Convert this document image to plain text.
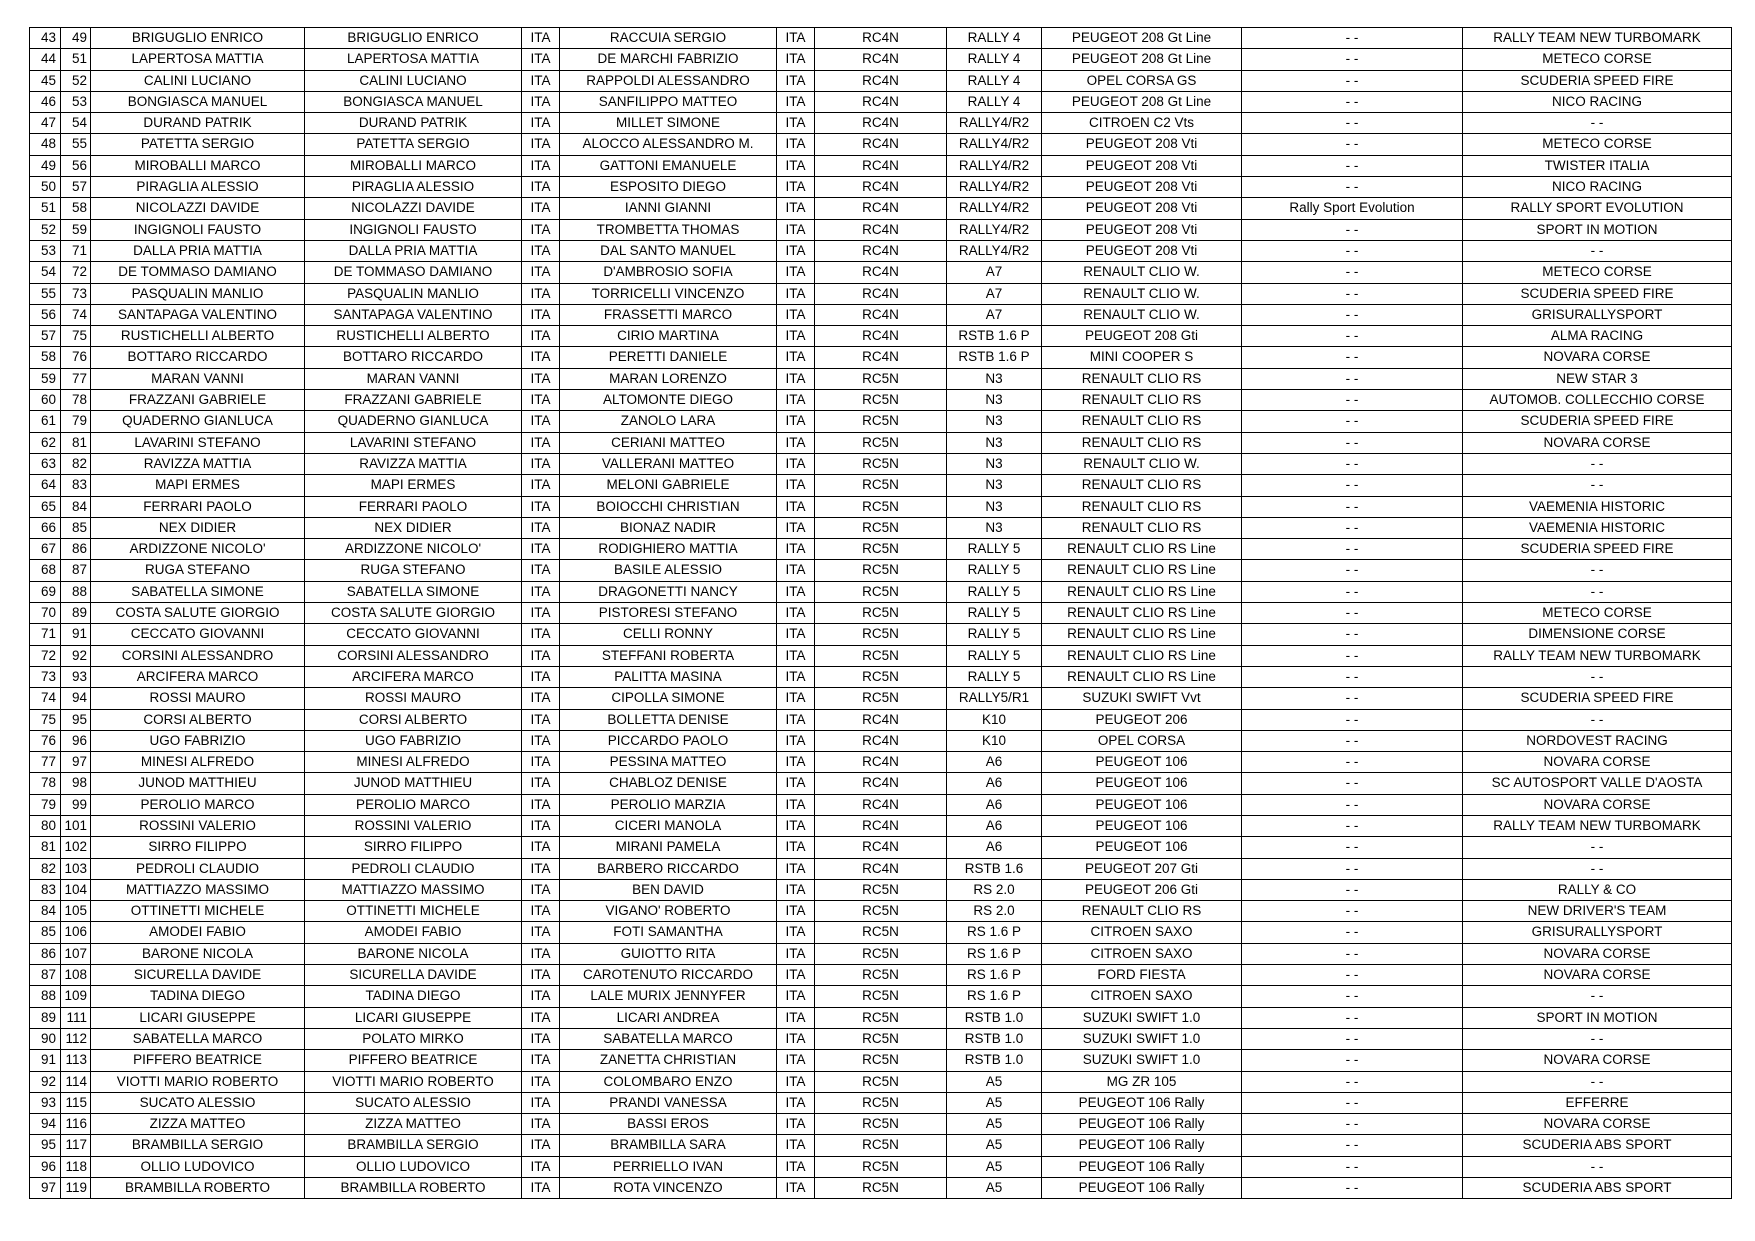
43	49	BRIGUGLIO ENRICO	BRIGUGLIO ENRICO	ITA	RACCUIA SERGIO	ITA	RC4N	RALLY 4	PEUGEOT 208 Gt Line	- -	RALLY TEAM NEW TURBOMARK
44	51	LAPERTOSA MATTIA	LAPERTOSA MATTIA	ITA	DE MARCHI FABRIZIO	ITA	RC4N	RALLY 4	PEUGEOT 208 Gt Line	- -	METECO CORSE
45	52	CALINI LUCIANO	CALINI LUCIANO	ITA	RAPPOLDI ALESSANDRO	ITA	RC4N	RALLY 4	OPEL CORSA GS	- -	SCUDERIA SPEED FIRE
46	53	BONGIASCA MANUEL	BONGIASCA MANUEL	ITA	SANFILIPPO MATTEO	ITA	RC4N	RALLY 4	PEUGEOT 208 Gt Line	- -	NICO RACING
47	54	DURAND PATRIK	DURAND PATRIK	ITA	MILLET SIMONE	ITA	RC4N	RALLY4/R2	CITROEN C2 Vts	- -	- -
48	55	PATETTA SERGIO	PATETTA SERGIO	ITA	ALOCCO ALESSANDRO M.	ITA	RC4N	RALLY4/R2	PEUGEOT 208 Vti	- -	METECO CORSE
49	56	MIROBALLI MARCO	MIROBALLI MARCO	ITA	GATTONI EMANUELE	ITA	RC4N	RALLY4/R2	PEUGEOT 208 Vti	- -	TWISTER ITALIA
50	57	PIRAGLIA ALESSIO	PIRAGLIA ALESSIO	ITA	ESPOSITO DIEGO	ITA	RC4N	RALLY4/R2	PEUGEOT 208 Vti	- -	NICO RACING
51	58	NICOLAZZI DAVIDE	NICOLAZZI DAVIDE	ITA	IANNI GIANNI	ITA	RC4N	RALLY4/R2	PEUGEOT 208 Vti	Rally Sport Evolution	RALLY SPORT EVOLUTION
52	59	INGIGNOLI FAUSTO	INGIGNOLI FAUSTO	ITA	TROMBETTA THOMAS	ITA	RC4N	RALLY4/R2	PEUGEOT 208 Vti	- -	SPORT IN MOTION
53	71	DALLA PRIA MATTIA	DALLA PRIA MATTIA	ITA	DAL SANTO MANUEL	ITA	RC4N	RALLY4/R2	PEUGEOT 208 Vti	- -	- -
54	72	DE TOMMASO DAMIANO	DE TOMMASO DAMIANO	ITA	D'AMBROSIO SOFIA	ITA	RC4N	A7	RENAULT CLIO W.	- -	METECO CORSE
55	73	PASQUALIN MANLIO	PASQUALIN MANLIO	ITA	TORRICELLI VINCENZO	ITA	RC4N	A7	RENAULT CLIO W.	- -	SCUDERIA SPEED FIRE
56	74	SANTAPAGA VALENTINO	SANTAPAGA VALENTINO	ITA	FRASSETTI MARCO	ITA	RC4N	A7	RENAULT CLIO W.	- -	GRISURALLYSPORT
57	75	RUSTICHELLI ALBERTO	RUSTICHELLI ALBERTO	ITA	CIRIO MARTINA	ITA	RC4N	RSTB 1.6 P	PEUGEOT 208 Gti	- -	ALMA RACING
58	76	BOTTARO RICCARDO	BOTTARO RICCARDO	ITA	PERETTI DANIELE	ITA	RC4N	RSTB 1.6 P	MINI COOPER S	- -	NOVARA CORSE
59	77	MARAN VANNI	MARAN VANNI	ITA	MARAN LORENZO	ITA	RC5N	N3	RENAULT CLIO RS	- -	NEW STAR 3
60	78	FRAZZANI GABRIELE	FRAZZANI GABRIELE	ITA	ALTOMONTE DIEGO	ITA	RC5N	N3	RENAULT CLIO RS	- -	AUTOMOB. COLLECCHIO CORSE
61	79	QUADERNO GIANLUCA	QUADERNO GIANLUCA	ITA	ZANOLO LARA	ITA	RC5N	N3	RENAULT CLIO RS	- -	SCUDERIA SPEED FIRE
62	81	LAVARINI STEFANO	LAVARINI STEFANO	ITA	CERIANI MATTEO	ITA	RC5N	N3	RENAULT CLIO RS	- -	NOVARA CORSE
63	82	RAVIZZA MATTIA	RAVIZZA MATTIA	ITA	VALLERANI MATTEO	ITA	RC5N	N3	RENAULT CLIO W.	- -	- -
64	83	MAPI ERMES	MAPI ERMES	ITA	MELONI GABRIELE	ITA	RC5N	N3	RENAULT CLIO RS	- -	- -
65	84	FERRARI PAOLO	FERRARI PAOLO	ITA	BOIOCCHI CHRISTIAN	ITA	RC5N	N3	RENAULT CLIO RS	- -	VAEMENIA HISTORIC
66	85	NEX DIDIER	NEX DIDIER	ITA	BIONAZ NADIR	ITA	RC5N	N3	RENAULT CLIO RS	- -	VAEMENIA HISTORIC
67	86	ARDIZZONE NICOLO'	ARDIZZONE NICOLO'	ITA	RODIGHIERO MATTIA	ITA	RC5N	RALLY 5	RENAULT CLIO RS Line	- -	SCUDERIA SPEED FIRE
68	87	RUGA STEFANO	RUGA STEFANO	ITA	BASILE ALESSIO	ITA	RC5N	RALLY 5	RENAULT CLIO RS Line	- -	- -
69	88	SABATELLA SIMONE	SABATELLA SIMONE	ITA	DRAGONETTI NANCY	ITA	RC5N	RALLY 5	RENAULT CLIO RS Line	- -	- -
70	89	COSTA SALUTE GIORGIO	COSTA SALUTE GIORGIO	ITA	PISTORESI STEFANO	ITA	RC5N	RALLY 5	RENAULT CLIO RS Line	- -	METECO CORSE
71	91	CECCATO GIOVANNI	CECCATO GIOVANNI	ITA	CELLI RONNY	ITA	RC5N	RALLY 5	RENAULT CLIO RS Line	- -	DIMENSIONE CORSE
72	92	CORSINI ALESSANDRO	CORSINI ALESSANDRO	ITA	STEFFANI ROBERTA	ITA	RC5N	RALLY 5	RENAULT CLIO RS Line	- -	RALLY TEAM NEW TURBOMARK
73	93	ARCIFERA MARCO	ARCIFERA MARCO	ITA	PALITTA MASINA	ITA	RC5N	RALLY 5	RENAULT CLIO RS Line	- -	- -
74	94	ROSSI MAURO	ROSSI MAURO	ITA	CIPOLLA SIMONE	ITA	RC5N	RALLY5/R1	SUZUKI SWIFT Vvt	- -	SCUDERIA SPEED FIRE
75	95	CORSI ALBERTO	CORSI ALBERTO	ITA	BOLLETTA DENISE	ITA	RC4N	K10	PEUGEOT 206	- -	- -
76	96	UGO FABRIZIO	UGO FABRIZIO	ITA	PICCARDO PAOLO	ITA	RC4N	K10	OPEL CORSA	- -	NORDOVEST RACING
77	97	MINESI ALFREDO	MINESI ALFREDO	ITA	PESSINA MATTEO	ITA	RC4N	A6	PEUGEOT 106	- -	NOVARA CORSE
78	98	JUNOD MATTHIEU	JUNOD MATTHIEU	ITA	CHABLOZ DENISE	ITA	RC4N	A6	PEUGEOT 106	- -	SC AUTOSPORT VALLE D'AOSTA
79	99	PEROLIO MARCO	PEROLIO MARCO	ITA	PEROLIO MARZIA	ITA	RC4N	A6	PEUGEOT 106	- -	NOVARA CORSE
80	101	ROSSINI VALERIO	ROSSINI VALERIO	ITA	CICERI MANOLA	ITA	RC4N	A6	PEUGEOT 106	- -	RALLY TEAM NEW TURBOMARK
81	102	SIRRO FILIPPO	SIRRO FILIPPO	ITA	MIRANI PAMELA	ITA	RC4N	A6	PEUGEOT 106	- -	- -
82	103	PEDROLI CLAUDIO	PEDROLI CLAUDIO	ITA	BARBERO RICCARDO	ITA	RC4N	RSTB 1.6	PEUGEOT 207 Gti	- -	- -
83	104	MATTIAZZO MASSIMO	MATTIAZZO MASSIMO	ITA	BEN DAVID	ITA	RC5N	RS 2.0	PEUGEOT 206 Gti	- -	RALLY & CO
84	105	OTTINETTI MICHELE	OTTINETTI MICHELE	ITA	VIGANO' ROBERTO	ITA	RC5N	RS 2.0	RENAULT CLIO RS	- -	NEW DRIVER'S TEAM
85	106	AMODEI FABIO	AMODEI FABIO	ITA	FOTI SAMANTHA	ITA	RC5N	RS 1.6 P	CITROEN SAXO	- -	GRISURALLYSPORT
86	107	BARONE NICOLA	BARONE NICOLA	ITA	GUIOTTO RITA	ITA	RC5N	RS 1.6 P	CITROEN SAXO	- -	NOVARA CORSE
87	108	SICURELLA DAVIDE	SICURELLA DAVIDE	ITA	CAROTENUTO RICCARDO	ITA	RC5N	RS 1.6 P	FORD FIESTA	- -	NOVARA CORSE
88	109	TADINA DIEGO	TADINA DIEGO	ITA	LALE MURIX JENNYFER	ITA	RC5N	RS 1.6 P	CITROEN SAXO	- -	- -
89	111	LICARI GIUSEPPE	LICARI GIUSEPPE	ITA	LICARI ANDREA	ITA	RC5N	RSTB 1.0	SUZUKI SWIFT 1.0	- -	SPORT IN MOTION
90	112	SABATELLA MARCO	POLATO MIRKO	ITA	SABATELLA MARCO	ITA	RC5N	RSTB 1.0	SUZUKI SWIFT 1.0	- -	- -
91	113	PIFFERO BEATRICE	PIFFERO BEATRICE	ITA	ZANETTA CHRISTIAN	ITA	RC5N	RSTB 1.0	SUZUKI SWIFT 1.0	- -	NOVARA CORSE
92	114	VIOTTI MARIO ROBERTO	VIOTTI MARIO ROBERTO	ITA	COLOMBARO ENZO	ITA	RC5N	A5	MG ZR 105	- -	- -
93	115	SUCATO ALESSIO	SUCATO ALESSIO	ITA	PRANDI VANESSA	ITA	RC5N	A5	PEUGEOT 106 Rally	- -	EFFERRE
94	116	ZIZZA MATTEO	ZIZZA MATTEO	ITA	BASSI EROS	ITA	RC5N	A5	PEUGEOT 106 Rally	- -	NOVARA CORSE
95	117	BRAMBILLA SERGIO	BRAMBILLA SERGIO	ITA	BRAMBILLA SARA	ITA	RC5N	A5	PEUGEOT 106 Rally	- -	SCUDERIA ABS SPORT
96	118	OLLIO LUDOVICO	OLLIO LUDOVICO	ITA	PERRIELLO IVAN	ITA	RC5N	A5	PEUGEOT 106 Rally	- -	- -
97	119	BRAMBILLA ROBERTO	BRAMBILLA ROBERTO	ITA	ROTA VINCENZO	ITA	RC5N	A5	PEUGEOT 106 Rally	- -	SCUDERIA ABS SPORT
